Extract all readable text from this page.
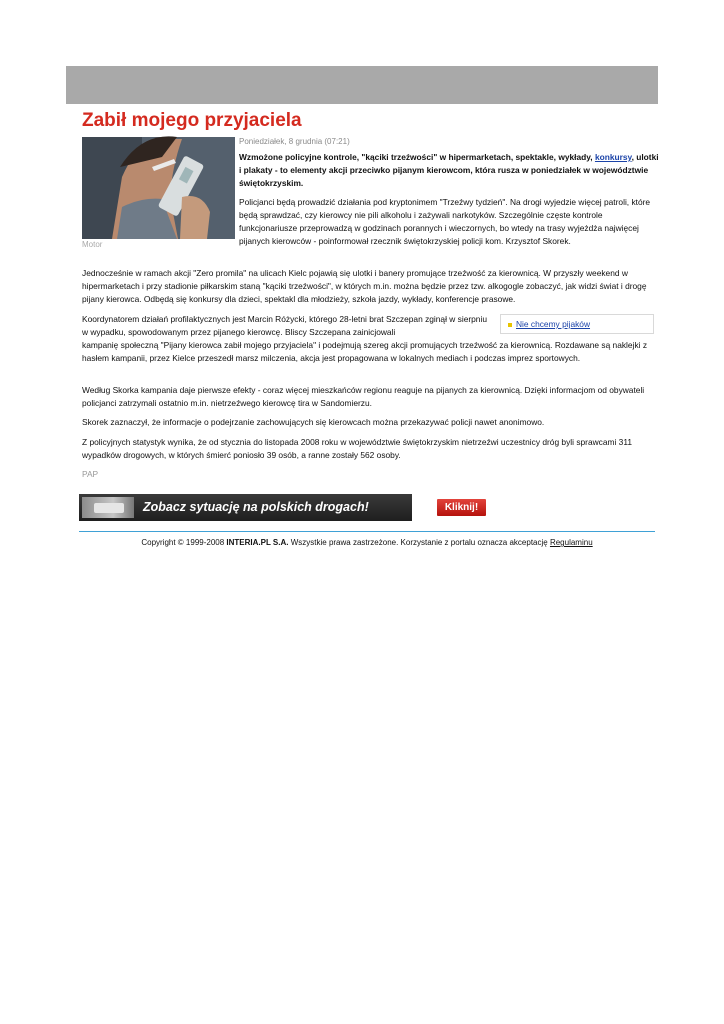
Zabił mojego przyjaciela
Motor
Poniedziałek, 8 grudnia (07:21)
Wzmożone policyjne kontrole, "kąciki trzeźwości" w hipermarketach, spektakle, wykłady, konkursy, ulotki i plakaty - to elementy akcji przeciwko pijanym kierowcom, która rusza w poniedziałek w województwie świętokrzyskim.

Policjanci będą prowadzić działania pod kryptonimem "Trzeźwy tydzień". Na drogi wyjedzie więcej patroli, które będą sprawdzać, czy kierowcy nie pili alkoholu i zażywali narkotyków. Szczególnie częste kontrole funkcjonariusze przeprowadzą w godzinach porannych i wieczornych, bo wtedy na trasy wyjeżdża najwięcej pijanych kierowców - poinformował rzecznik świętokrzyskiej policji kom. Krzysztof Skorek.

Jednocześnie w ramach akcji "Zero promila" na ulicach Kielc pojawią się ulotki i banery promujące trzeźwość za kierownicą. W przyszły weekend w hipermarketach i przy stadionie piłkarskim staną "kąciki trzeźwości", w których m.in. można będzie przez tzw. alkogogle zobaczyć, jak widzi świat i drogę pijany kierowca. Odbędą się konkursy dla dzieci, spektakl dla młodzieży, szkoła jazdy, wykłady, konferencje prasowe.

Koordynatorem działań profilaktycznych jest Marcin Różycki, którego 28-letni brat Szczepan zginął w sierpniu w wypadku, spowodowanym przez pijanego kierowcę. Bliscy Szczepana zainicjowali

kampanię społeczną "Pijany kierowca zabił mojego przyjaciela" i podejmują szereg akcji promujących trzeźwość za kierownicą. Rozdawane są naklejki z hasłem kampanii, przez Kielce przeszedł marsz milczenia, akcja jest propagowana w lokalnych mediach i podczas imprez sportowych.

Nie chcemy pijaków

Według Skorka kampania daje pierwsze efekty - coraz więcej mieszkańców regionu reaguje na pijanych za kierownicą. Dzięki informacjom od obywateli policjanci zatrzymali ostatnio m.in. nietrzeźwego kierowcę tira w Sandomierzu.

Skorek zaznaczył, że informacje o podejrzanie zachowujących się kierowcach można przekazywać policji nawet anonimowo.

Z policyjnych statystyk wynika, że od stycznia do listopada 2008 roku w województwie świętokrzyskim nietrzeźwi uczestnicy dróg byli sprawcami 311 wypadków drogowych, w których śmierć poniosło 39 osób, a ranne zostały 562 osoby.

PAP
Zobacz sytuację na polskich drogach!	Kliknij!
Copyright © 1999-2008 INTERIA.PL S.A. Wszystkie prawa zastrzeżone. Korzystanie z portalu oznacza akceptację Regulaminu
